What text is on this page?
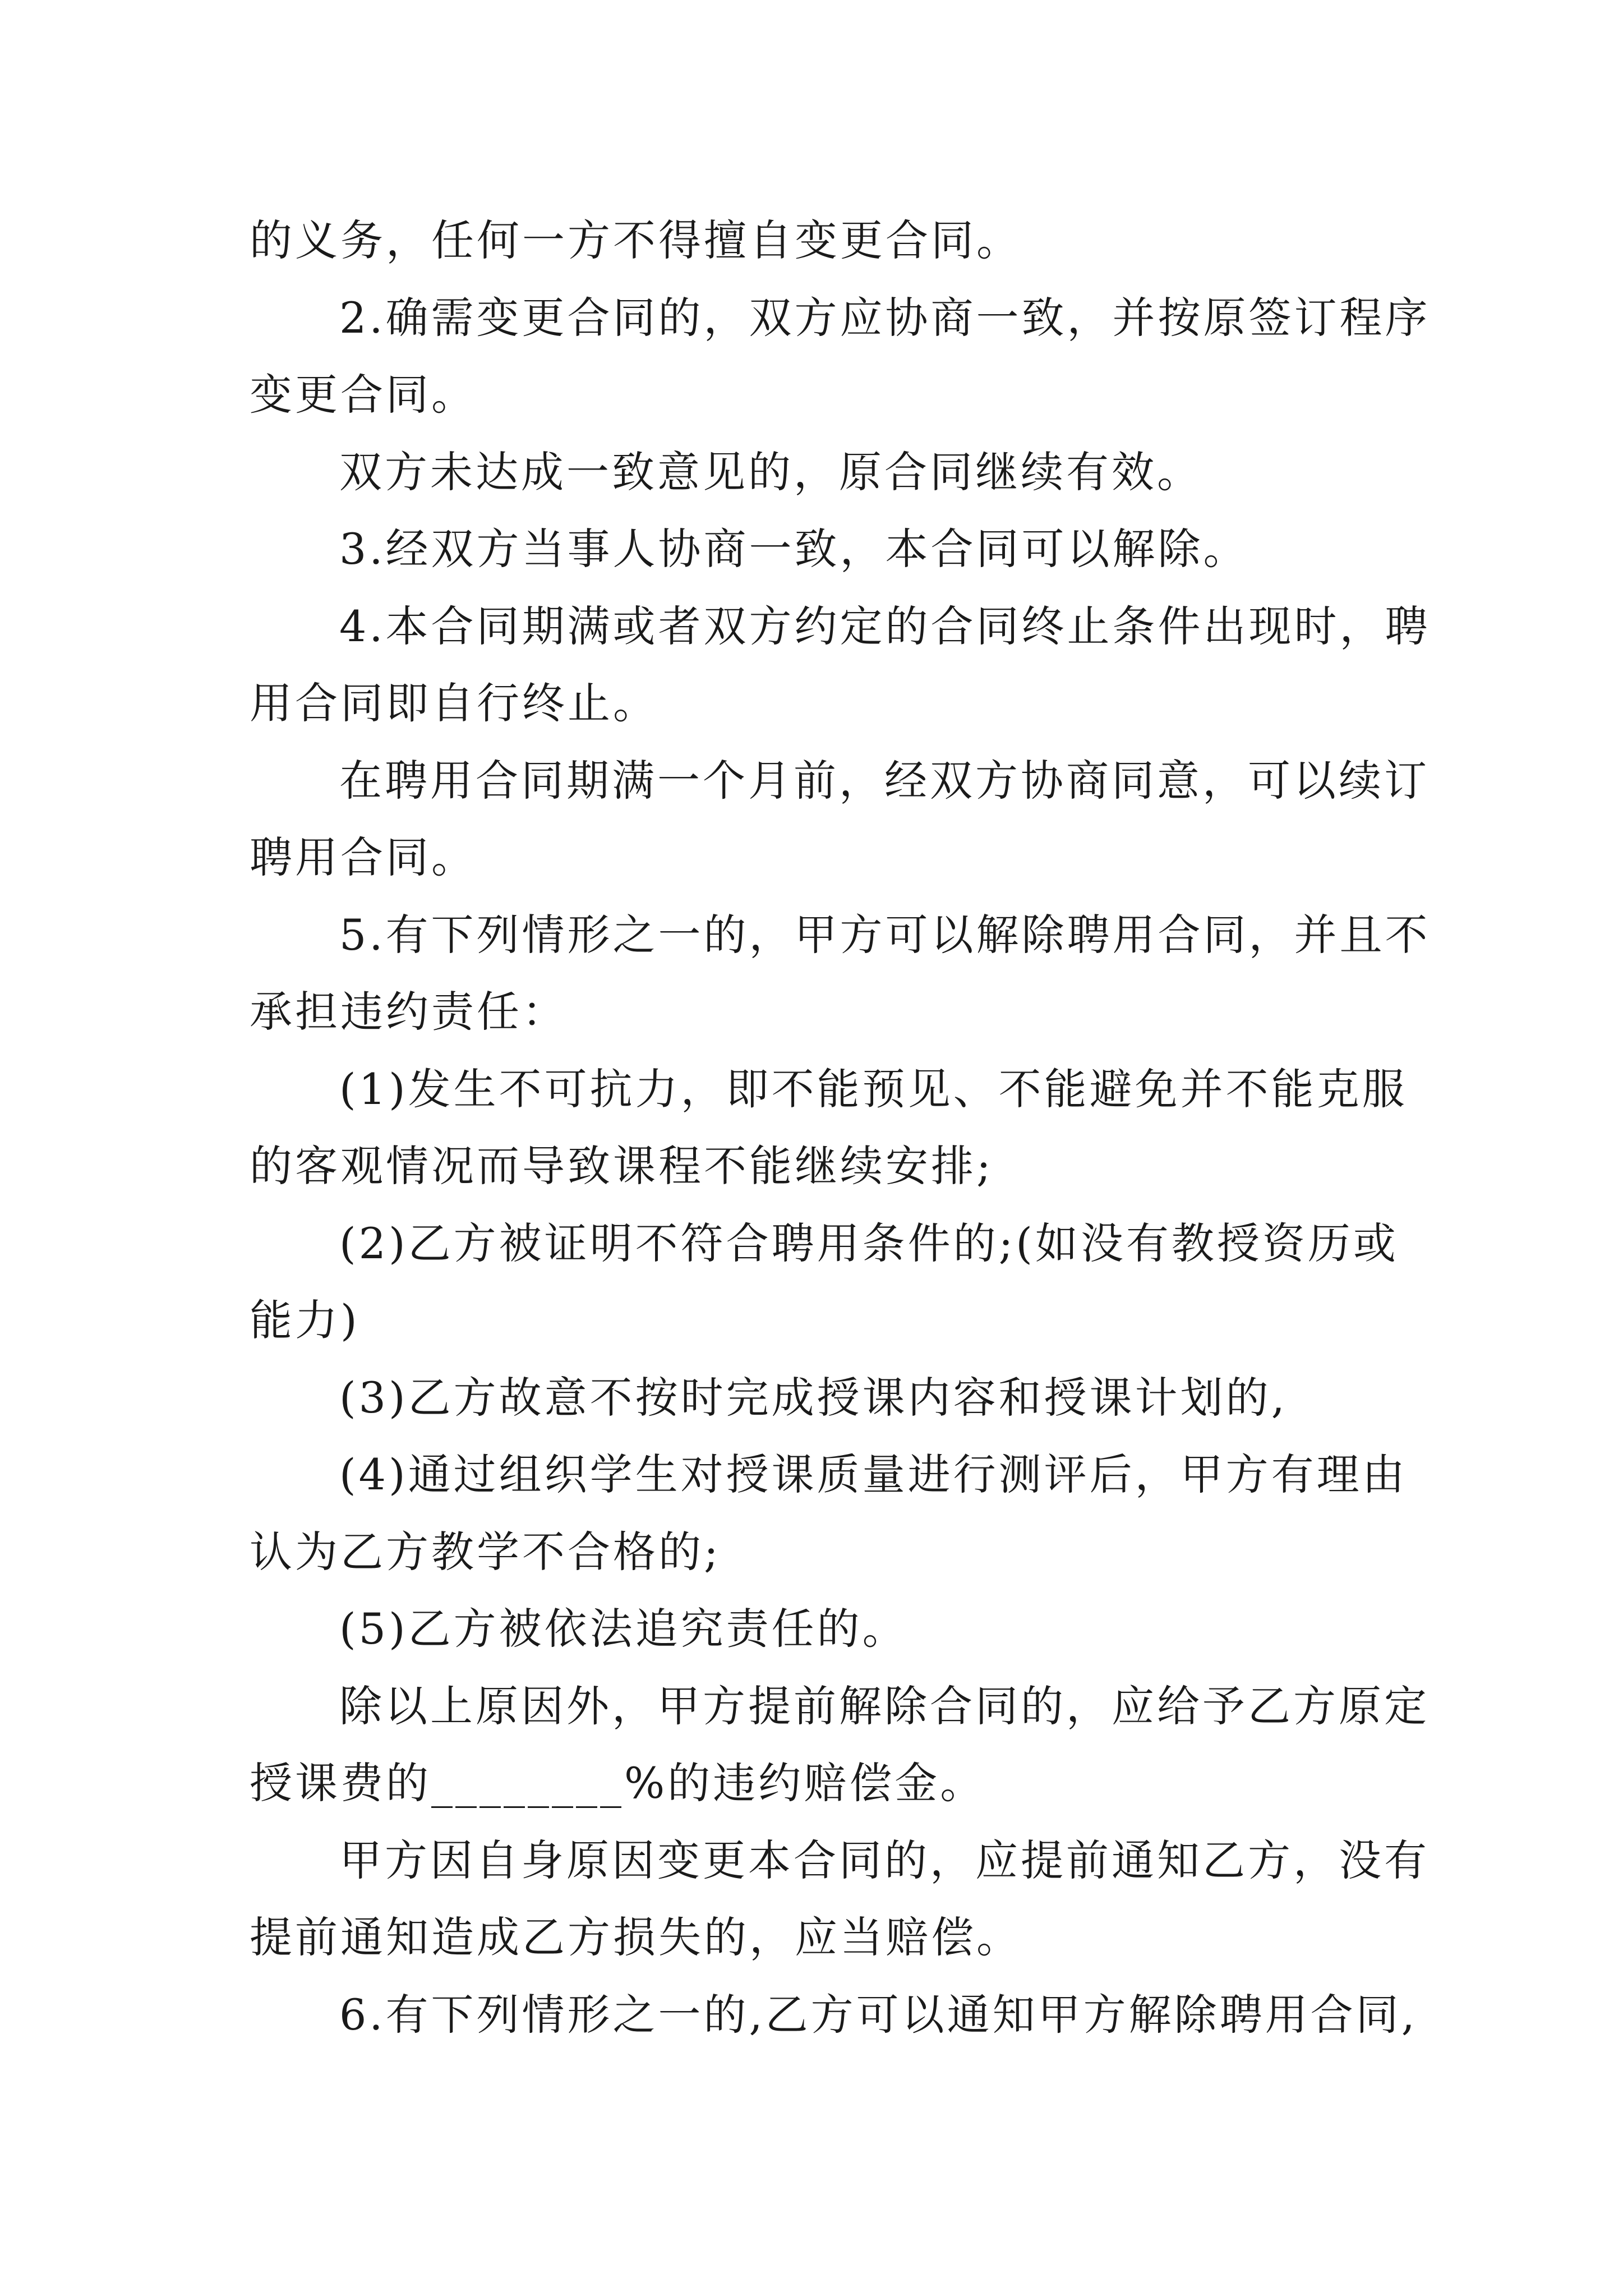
的义务，任何一方不得擅自变更合同。
2.确需变更合同的，双方应协商一致，并按原签订程序
变更合同。
双方未达成一致意见的，原合同继续有效。
3.经双方当事人协商一致，本合同可以解除。
4.本合同期满或者双方约定的合同终止条件出现时，聘
用合同即自行终止。
在聘用合同期满一个月前，经双方协商同意，可以续订
聘用合同。
5.有下列情形之一的，甲方可以解除聘用合同，并且不
承担违约责任：
(1)发生不可抗力，即不能预见、不能避免并不能克服
的客观情况而导致课程不能继续安排;
(2)乙方被证明不符合聘用条件的;(如没有教授资历或
能力)
(3)乙方故意不按时完成授课内容和授课计划的,
(4)通过组织学生对授课质量进行测评后，甲方有理由
认为乙方教学不合格的;
(5)乙方被依法追究责任的。
除以上原因外，甲方提前解除合同的，应给予乙方原定
授课费的________%的违约赔偿金。
甲方因自身原因变更本合同的，应提前通知乙方，没有
提前通知造成乙方损失的，应当赔偿。
6.有下列情形之一的,乙方可以通知甲方解除聘用合同,
